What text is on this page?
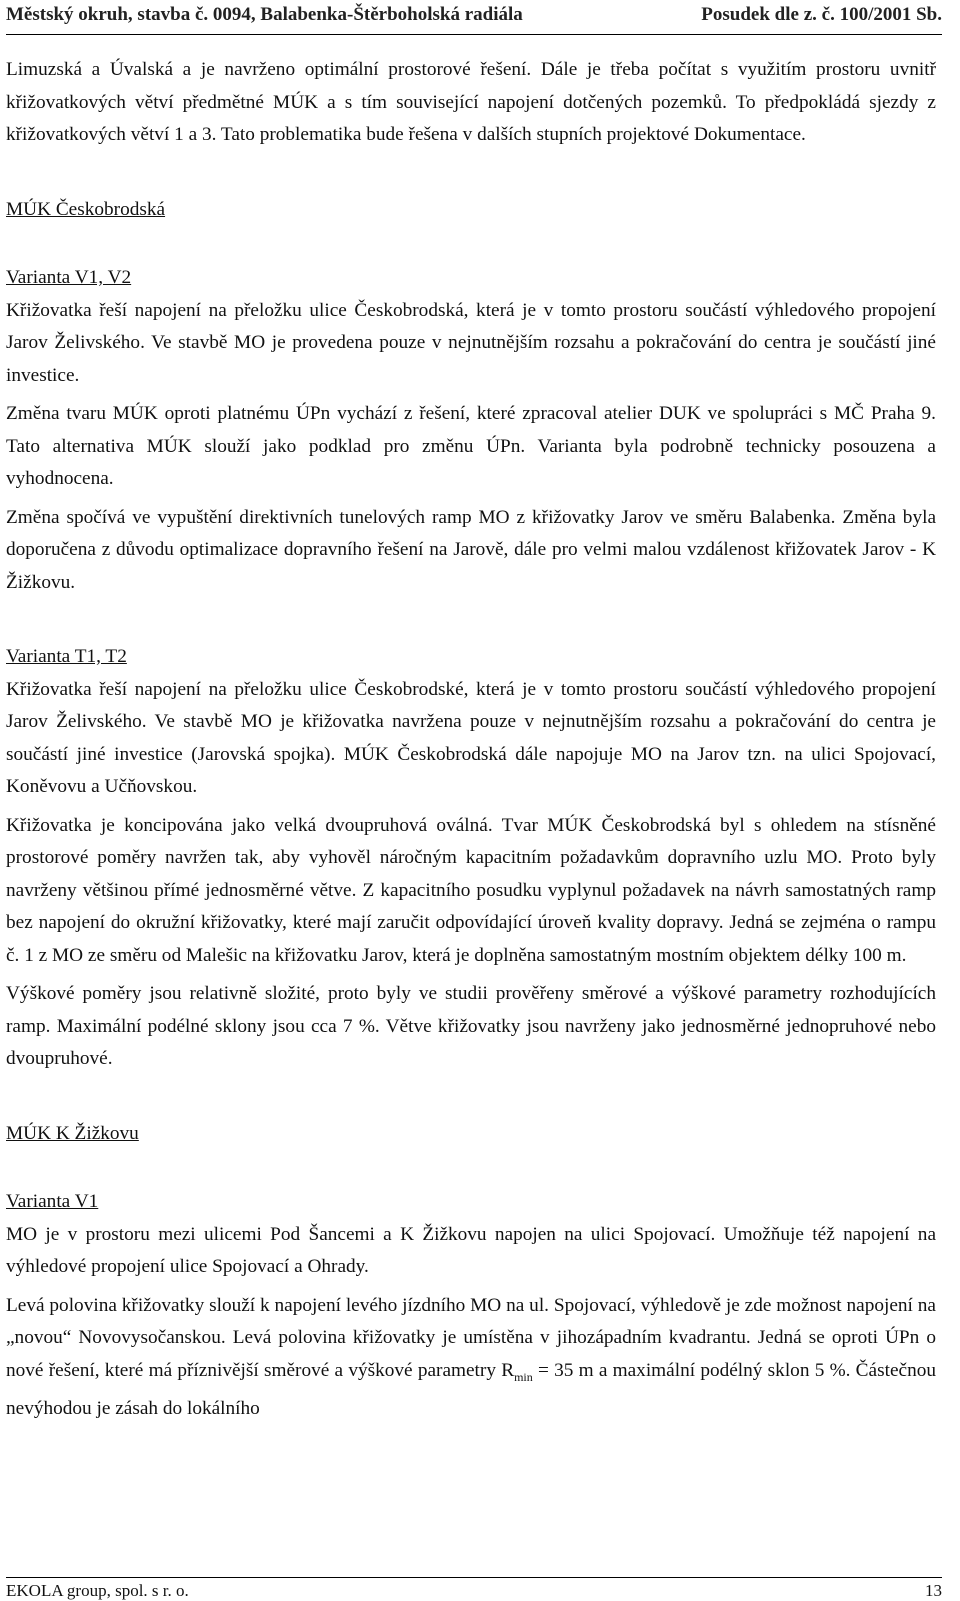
Městský okruh, stavba č. 0094, Balabenka-Štěrboholská radiála	Posudek dle z. č. 100/2001 Sb.

Limuzská a Úvalská a je navrženo optimální prostorové řešení. Dále je třeba počítat s využitím prostoru uvnitř křižovatkových větví předmětné MÚK a s tím související napojení dotčených pozemků. To předpokládá sjezdy z křižovatkových větví 1 a 3. Tato problematika bude řešena v dalších stupních projektové Dokumentace.

MÚK Českobrodská
Varianta V1, V2

Křižovatka řeší napojení na přeložku ulice Českobrodská, která je v tomto prostoru součástí výhledového propojení Jarov Želivského. Ve stavbě MO je provedena pouze v nejnutnějším rozsahu a pokračování do centra je součástí jiné investice.

Změna tvaru MÚK oproti platnému ÚPn vychází z řešení, které zpracoval atelier DUK ve spolupráci s MČ Praha 9. Tato alternativa MÚK slouží jako podklad pro změnu ÚPn. Varianta byla podrobně technicky posouzena a vyhodnocena.

Změna spočívá ve vypuštění direktivních tunelových ramp MO z křižovatky Jarov ve směru Balabenka. Změna byla doporučena z důvodu optimalizace dopravního řešení na Jarově, dále pro velmi malou vzdálenost křižovatek Jarov - K Žižkovu.

Varianta T1, T2

Křižovatka řeší napojení na přeložku ulice Českobrodské, která je v tomto prostoru součástí výhledového propojení Jarov Želivského. Ve stavbě MO je křižovatka navržena pouze v nejnutnějším rozsahu a pokračování do centra je součástí jiné investice (Jarovská spojka). MÚK Českobrodská dále napojuje MO na Jarov tzn. na ulici Spojovací, Koněvovu a Učňovskou.

Křižovatka je koncipována jako velká dvoupruhová oválná. Tvar MÚK Českobrodská byl s ohledem na stísněné prostorové poměry navržen tak, aby vyhověl náročným kapacitním požadavkům dopravního uzlu MO. Proto byly navrženy většinou přímé jednosměrné větve. Z kapacitního posudku vyplynul požadavek na návrh samostatných ramp bez napojení do okružní křižovatky, které mají zaručit odpovídající úroveň kvality dopravy. Jedná se zejména o rampu č. 1 z MO ze směru od Malešic na křižovatku Jarov, která je doplněna samostatným mostním objektem délky 100 m.

Výškové poměry jsou relativně složité, proto byly ve studii prověřeny směrové a výškové parametry rozhodujících ramp. Maximální podélné sklony jsou cca 7 %. Větve křižovatky jsou navrženy jako jednosměrné jednopruhové nebo dvoupruhové.

MÚK K Žižkovu
Varianta V1

MO je v prostoru mezi ulicemi Pod Šancemi a K Žižkovu napojen na ulici Spojovací. Umožňuje též napojení na výhledové propojení ulice Spojovací a Ohrady.

Levá polovina křižovatky slouží k napojení levého jízdního MO na ul. Spojovací, výhledově je zde možnost napojení na „novou“ Novovysočanskou. Levá polovina křižovatky je umístěna v jihozápadním kvadrantu. Jedná se oproti ÚPn o nové řešení, které má příznivější směrové a výškové parametry $R_{min} = 35$ m a maximální podélný sklon 5 %. Částečnou nevýhodou je zásah do lokálního

EKOLA group, spol. s r. o.	13
